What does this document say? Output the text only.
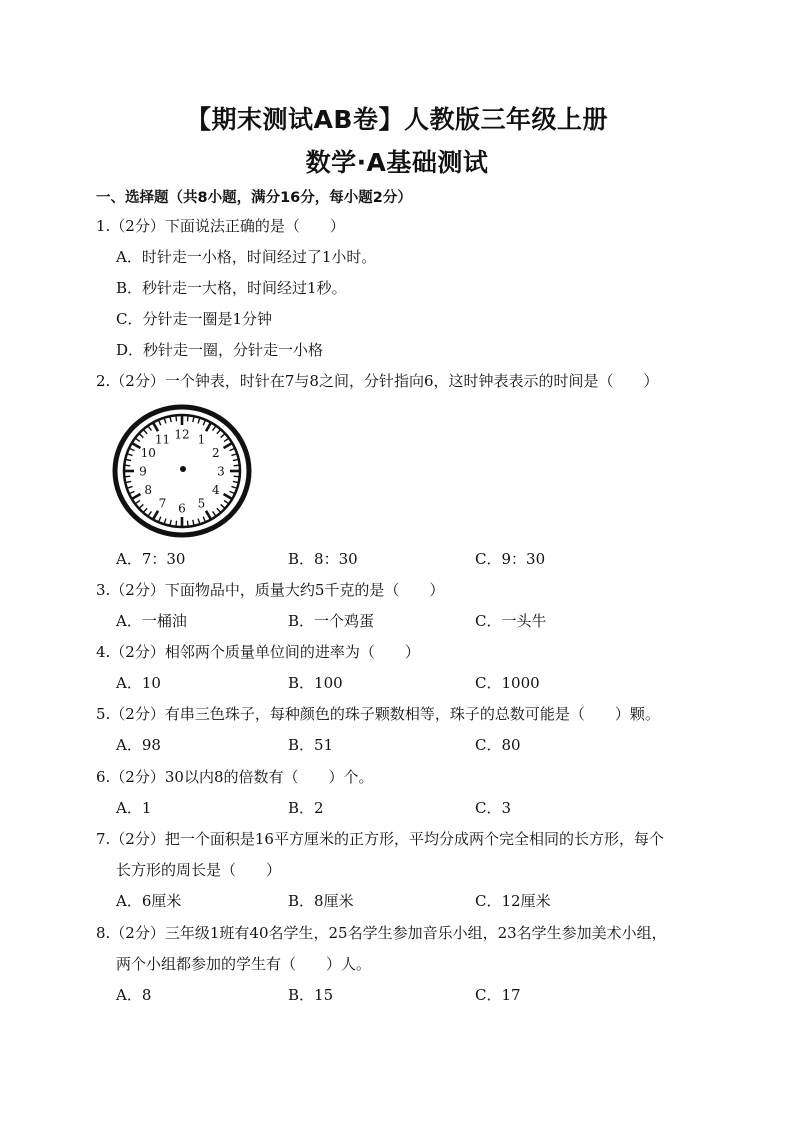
【期末测试AB卷】人教版三年级上册
数学·A基础测试
一、选择题（共8小题，满分16分，每小题2分）
1.（2分）下面说法正确的是（　　）
A．时针走一小格，时间经过了1小时。
B．秒针走一大格，时间经过1秒。
C．分针走一圈是1分钟
D．秒针走一圈，分针走一小格
2.（2分）一个钟表，时针在7与8之间，分针指向6，这时钟表表示的时间是（　　）
12 1
2
3
4
5
6
7
8
9
10
11
A．7：30	B．8：30	C．9：30
3.（2分）下面物品中，质量大约5千克的是（　　）
A．一桶油	B．一个鸡蛋	C．一头牛
4.（2分）相邻两个质量单位间的进率为（　　）
A．10	B．100	C．1000
5.（2分）有串三色珠子，每种颜色的珠子颗数相等，珠子的总数可能是（　　）颗。
A．98	B．51	C．80
6.（2分）30以内8的倍数有（　　）个。
A．1	B．2	C．3
7.（2分）把一个面积是16平方厘米的正方形，平均分成两个完全相同的长方形，每个
长方形的周长是（　　）
A．6厘米	B．8厘米	C．12厘米
8.（2分）三年级1班有40名学生，25名学生参加音乐小组，23名学生参加美术小组，
两个小组都参加的学生有（　　）人。
A．8	B．15	C．17
